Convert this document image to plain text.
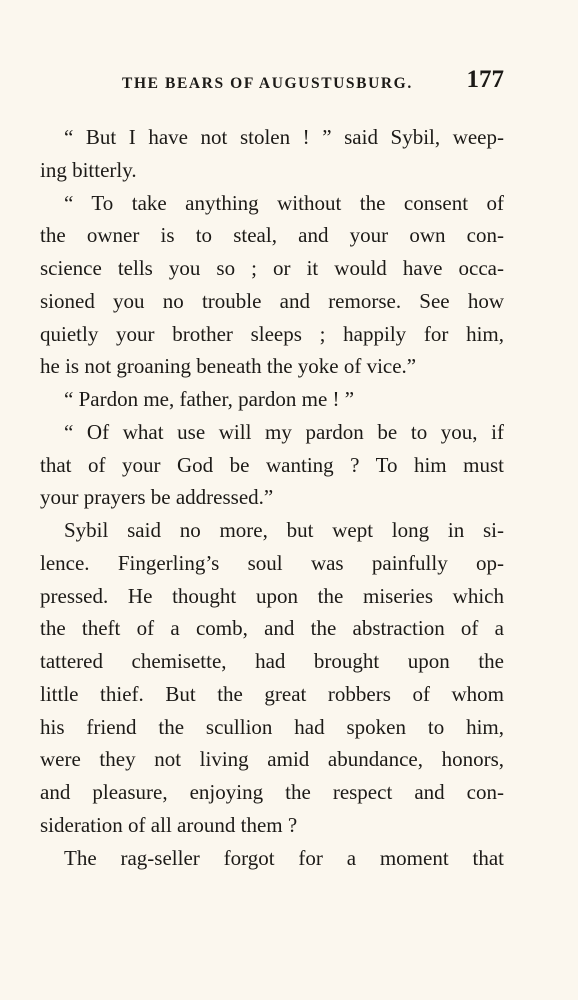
THE BEARS OF AUGUSTUSBURG. 177
“ But I have not stolen ! ” said Sybil, weep-
ing bitterly.
“ To take anything without the consent of
the owner is to steal, and your own con-
science tells you so ; or it would have occa-
sioned you no trouble and remorse. See how
quietly your brother sleeps ; happily for him,
he is not groaning beneath the yoke of vice.”
“ Pardon me, father, pardon me ! ”
“ Of what use will my pardon be to you, if
that of your God be wanting ? To him must
your prayers be addressed.”
Sybil said no more, but wept long in si-
lence. Fingerling’s soul was painfully op-
pressed. He thought upon the miseries which
the theft of a comb, and the abstraction of a
tattered chemisette, had brought upon the
little thief. But the great robbers of whom
his friend the scullion had spoken to him,
were they not living amid abundance, honors,
and pleasure, enjoying the respect and con-
sideration of all around them ?
The rag-seller forgot for a moment that
